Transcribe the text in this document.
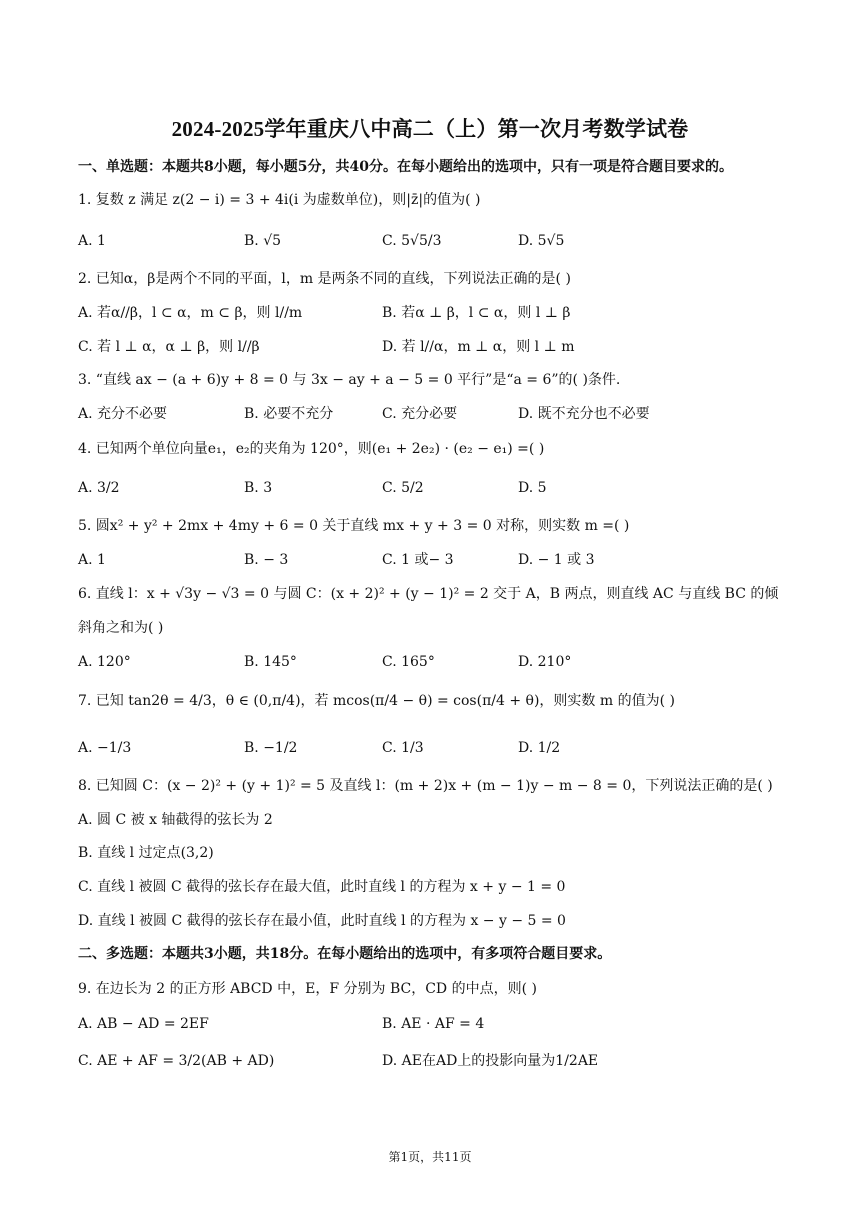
2024-2025学年重庆八中高二（上）第一次月考数学试卷
一、单选题：本题共8小题，每小题5分，共40分。在每小题给出的选项中，只有一项是符合题目要求的。
1. 复数 z 满足 z(2 − i) = 3 + 4i(i 为虚数单位)，则|z̄|的值为( )
A. 1	B. √5	C. 5√5/3	D. 5√5
2. 已知α，β是两个不同的平面，l，m 是两条不同的直线，下列说法正确的是( )
A. 若α//β，l ⊂ α，m ⊂ β，则 l//m	B. 若α ⊥ β，l ⊂ α，则 l ⊥ β
C. 若 l ⊥ α，α ⊥ β，则 l//β	D. 若 l//α，m ⊥ α，则 l ⊥ m
3. “直线 ax − (a + 6)y + 8 = 0 与 3x − ay + a − 5 = 0 平行”是“a = 6”的( )条件.
A. 充分不必要	B. 必要不充分	C. 充分必要	D. 既不充分也不必要
4. 已知两个单位向量e₁，e₂的夹角为 120°，则(e₁ + 2e₂) · (e₂ − e₁) =( )
A. 3/2	B. 3	C. 5/2	D. 5
5. 圆x² + y² + 2mx + 4my + 6 = 0 关于直线 mx + y + 3 = 0 对称，则实数 m =( )
A. 1	B. − 3	C. 1 或− 3	D. − 1 或 3
6. 直线 l：x + √3y − √3 = 0 与圆 C：(x + 2)² + (y − 1)² = 2 交于 A，B 两点，则直线 AC 与直线 BC 的倾
斜角之和为( )
A. 120°	B. 145°	C. 165°	D. 210°
7. 已知 tan2θ = 4/3，θ ∈ (0,π/4)，若 mcos(π/4 − θ) = cos(π/4 + θ)，则实数 m 的值为( )
A. −1/3	B. −1/2	C. 1/3	D. 1/2
8. 已知圆 C：(x − 2)² + (y + 1)² = 5 及直线 l：(m + 2)x + (m − 1)y − m − 8 = 0，下列说法正确的是( )
A. 圆 C 被 x 轴截得的弦长为 2
B. 直线 l 过定点(3,2)
C. 直线 l 被圆 C 截得的弦长存在最大值，此时直线 l 的方程为 x + y − 1 = 0
D. 直线 l 被圆 C 截得的弦长存在最小值，此时直线 l 的方程为 x − y − 5 = 0
二、多选题：本题共3小题，共18分。在每小题给出的选项中，有多项符合题目要求。
9. 在边长为 2 的正方形 ABCD 中，E，F 分别为 BC，CD 的中点，则( )
A. AB − AD = 2EF	B. AE · AF = 4
C. AE + AF = 3/2(AB + AD)	D. AE在AD上的投影向量为1/2AE
第1页，共11页
